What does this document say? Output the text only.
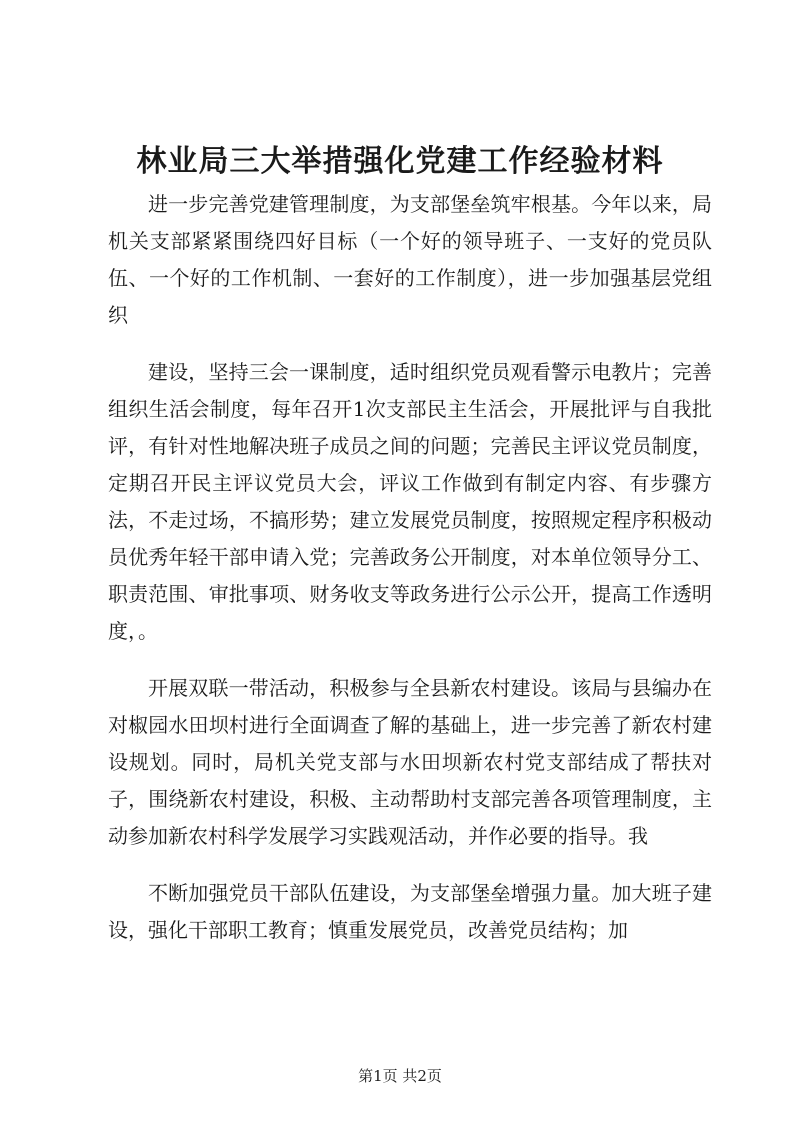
林业局三大举措强化党建工作经验材料

进一步完善党建管理制度，为支部堡垒筑牢根基。今年以来，局机关支部紧紧围绕四好目标（一个好的领导班子、一支好的党员队伍、一个好的工作机制、一套好的工作制度），进一步加强基层党组织

建设，坚持三会一课制度，适时组织党员观看警示电教片；完善组织生活会制度，每年召开1次支部民主生活会，开展批评与自我批评，有针对性地解决班子成员之间的问题；完善民主评议党员制度，定期召开民主评议党员大会，评议工作做到有制定内容、有步骤方法，不走过场，不搞形势；建立发展党员制度，按照规定程序积极动员优秀年轻干部申请入党；完善政务公开制度，对本单位领导分工、职责范围、审批事项、财务收支等政务进行公示公开，提高工作透明度，。

开展双联一带活动，积极参与全县新农村建设。该局与县编办在对椒园水田坝村进行全面调查了解的基础上，进一步完善了新农村建设规划。同时，局机关党支部与水田坝新农村党支部结成了帮扶对子，围绕新农村建设，积极、主动帮助村支部完善各项管理制度，主动参加新农村科学发展学习实践观活动，并作必要的指导。我

不断加强党员干部队伍建设，为支部堡垒增强力量。加大班子建设，强化干部职工教育；慎重发展党员，改善党员结构；加

第1页 共2页
